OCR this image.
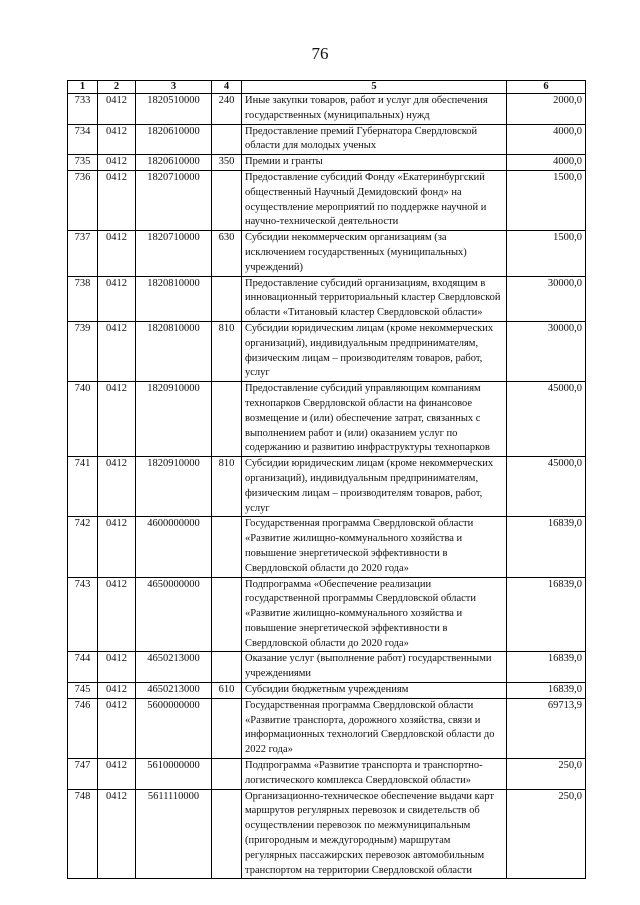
76
1	2	3	4	5	6
733	0412	1820510000	240	Иные закупки товаров, работ и услуг для обеспечения государственных (муниципальных) нужд	2000,0
734	0412	1820610000		Предоставление премий Губернатора Свердловской области для молодых ученых	4000,0
735	0412	1820610000	350	Премии и гранты	4000,0
736	0412	1820710000		Предоставление субсидий Фонду «Екатеринбургский общественный Научный Демидовский фонд» на осуществление мероприятий по поддержке научной и научно-технической деятельности	1500,0
737	0412	1820710000	630	Субсидии некоммерческим организациям (за исключением государственных (муниципальных) учреждений)	1500,0
738	0412	1820810000		Предоставление субсидий организациям, входящим в инновационный территориальный кластер Свердловской области «Титановый кластер Свердловской области»	30000,0
739	0412	1820810000	810	Субсидии юридическим лицам (кроме некоммерческих организаций), индивидуальным предпринимателям, физическим лицам – производителям товаров, работ, услуг	30000,0
740	0412	1820910000		Предоставление субсидий управляющим компаниям технопарков Свердловской области на финансовое возмещение и (или) обеспечение затрат, связанных с выполнением работ и (или) оказанием услуг по содержанию и развитию инфраструктуры технопарков	45000,0
741	0412	1820910000	810	Субсидии юридическим лицам (кроме некоммерческих организаций), индивидуальным предпринимателям, физическим лицам – производителям товаров, работ, услуг	45000,0
742	0412	4600000000		Государственная программа Свердловской области «Развитие жилищно-коммунального хозяйства и повышение энергетической эффективности в Свердловской области до 2020 года»	16839,0
743	0412	4650000000		Подпрограмма «Обеспечение реализации государственной программы Свердловской области «Развитие жилищно-коммунального хозяйства и повышение энергетической эффективности в Свердловской области до 2020 года»	16839,0
744	0412	4650213000		Оказание услуг (выполнение работ) государственными учреждениями	16839,0
745	0412	4650213000	610	Субсидии бюджетным учреждениям	16839,0
746	0412	5600000000		Государственная программа Свердловской области «Развитие транспорта, дорожного хозяйства, связи и информационных технологий Свердловской области до 2022 года»	69713,9
747	0412	5610000000		Подпрограмма «Развитие транспорта и транспортно-логистического комплекса Свердловской области»	250,0
748	0412	5611110000		Организационно-техническое обеспечение выдачи карт маршрутов регулярных перевозок и свидетельств об осуществлении перевозок по межмуниципальным (пригородным и междугородным) маршрутам регулярных пассажирских перевозок автомобильным транспортом на территории Свердловской области	250,0
